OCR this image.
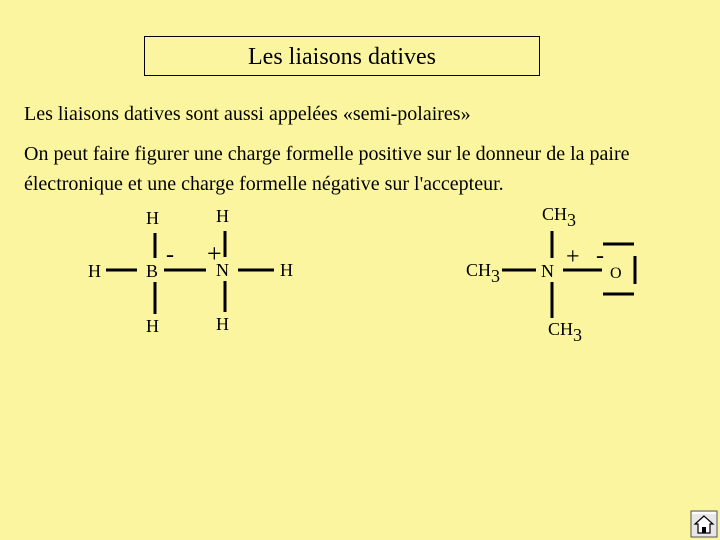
Les liaisons datives
Les liaisons datives sont aussi appelées «semi-polaires»
On peut faire figurer une charge formelle positive sur le donneur de la paire électronique et une charge formelle négative sur l'accepteur.
H	H
H	B	N	H
H	H
- +
CH3
CH3
CH3
N	O
+ -
